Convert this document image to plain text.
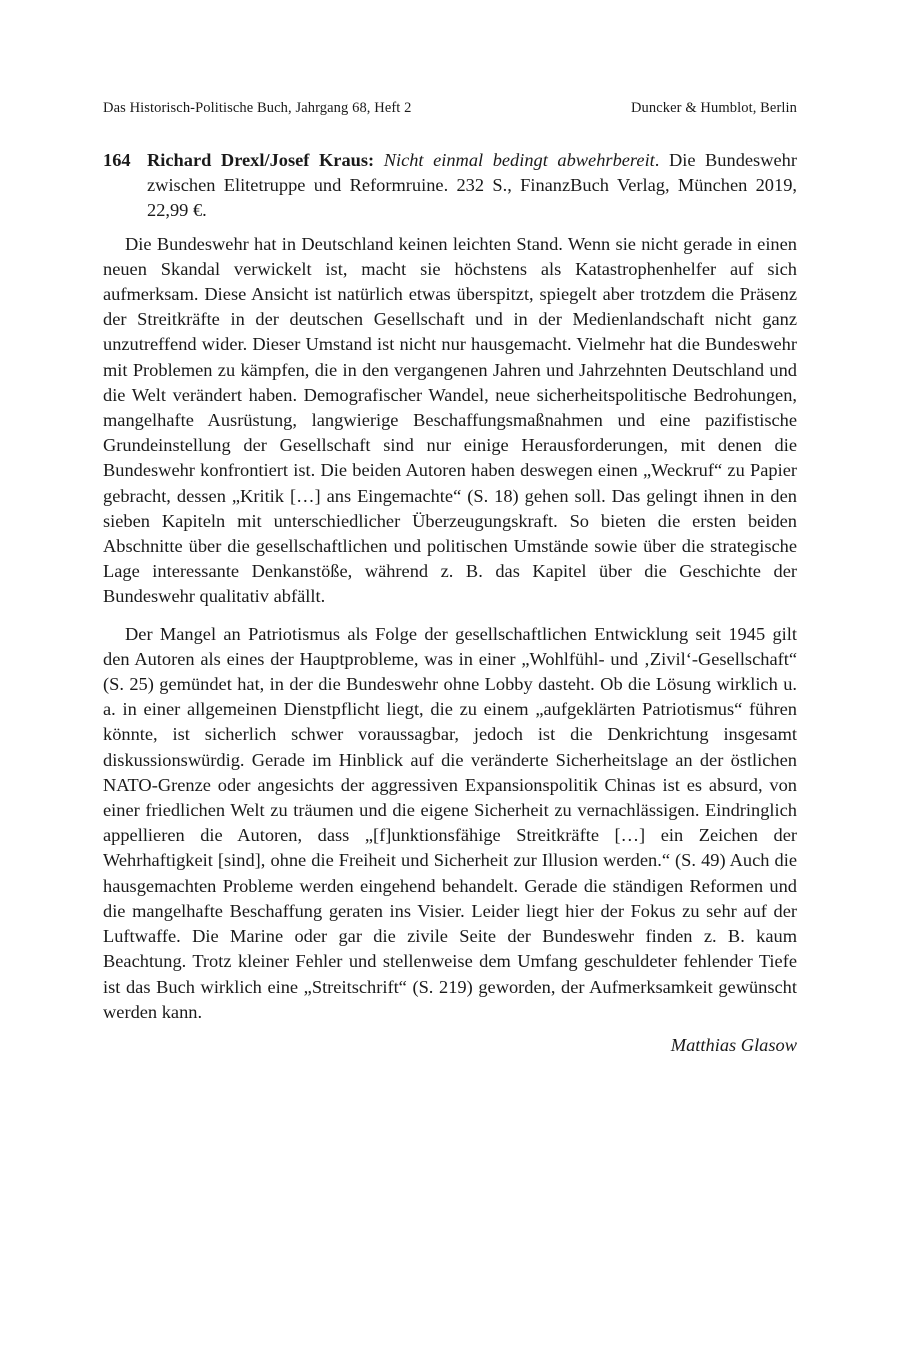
Das Historisch-Politische Buch, Jahrgang 68, Heft 2	Duncker & Humblot, Berlin
164 Richard Drexl/Josef Kraus: Nicht einmal bedingt abwehrbereit. Die Bundeswehr zwischen Elitetruppe und Reformruine. 232 S., FinanzBuch Verlag, München 2019, 22,99 €.

Die Bundeswehr hat in Deutschland keinen leichten Stand. Wenn sie nicht gerade in einen neuen Skandal verwickelt ist, macht sie höchstens als Katastrophenhelfer auf sich aufmerksam. Diese Ansicht ist natürlich etwas überspitzt, spiegelt aber trotzdem die Präsenz der Streitkräfte in der deutschen Gesellschaft und in der Medienlandschaft nicht ganz unzutreffend wider. Dieser Umstand ist nicht nur hausgemacht. Vielmehr hat die Bundeswehr mit Problemen zu kämpfen, die in den vergangenen Jahren und Jahrzehnten Deutschland und die Welt verändert haben. Demografischer Wandel, neue sicherheitspolitische Bedrohungen, mangelhafte Ausrüstung, langwierige Beschaffungsmaßnahmen und eine pazifistische Grundeinstellung der Gesellschaft sind nur einige Herausforderungen, mit denen die Bundeswehr konfrontiert ist. Die beiden Autoren haben deswegen einen „Weckruf“ zu Papier gebracht, dessen „Kritik […] ans Eingemachte“ (S. 18) gehen soll. Das gelingt ihnen in den sieben Kapiteln mit unterschiedlicher Überzeugungskraft. So bieten die ersten beiden Abschnitte über die gesellschaftlichen und politischen Umstände sowie über die strategische Lage interessante Denkanstöße, während z. B. das Kapitel über die Geschichte der Bundeswehr qualitativ abfällt.

Der Mangel an Patriotismus als Folge der gesellschaftlichen Entwicklung seit 1945 gilt den Autoren als eines der Hauptprobleme, was in einer „Wohlfühl- und ‚Zivil‘-Gesellschaft“ (S. 25) gemündet hat, in der die Bundeswehr ohne Lobby dasteht. Ob die Lösung wirklich u. a. in einer allgemeinen Dienstpflicht liegt, die zu einem „aufgeklärten Patriotismus“ führen könnte, ist sicherlich schwer voraussagbar, jedoch ist die Denkrichtung insgesamt diskussionswürdig. Gerade im Hinblick auf die veränderte Sicherheitslage an der östlichen NATO-Grenze oder angesichts der aggressiven Expansionspolitik Chinas ist es absurd, von einer friedlichen Welt zu träumen und die eigene Sicherheit zu vernachlässigen. Eindringlich appellieren die Autoren, dass „[f]unktionsfähige Streitkräfte […] ein Zeichen der Wehrhaftigkeit [sind], ohne die Freiheit und Sicherheit zur Illusion werden.“ (S. 49) Auch die hausgemachten Probleme werden eingehend behandelt. Gerade die ständigen Reformen und die mangelhafte Beschaffung geraten ins Visier. Leider liegt hier der Fokus zu sehr auf der Luftwaffe. Die Marine oder gar die zivile Seite der Bundeswehr finden z. B. kaum Beachtung. Trotz kleiner Fehler und stellenweise dem Umfang geschuldeter fehlender Tiefe ist das Buch wirklich eine „Streitschrift“ (S. 219) geworden, der Aufmerksamkeit gewünscht werden kann.

Matthias Glasow
